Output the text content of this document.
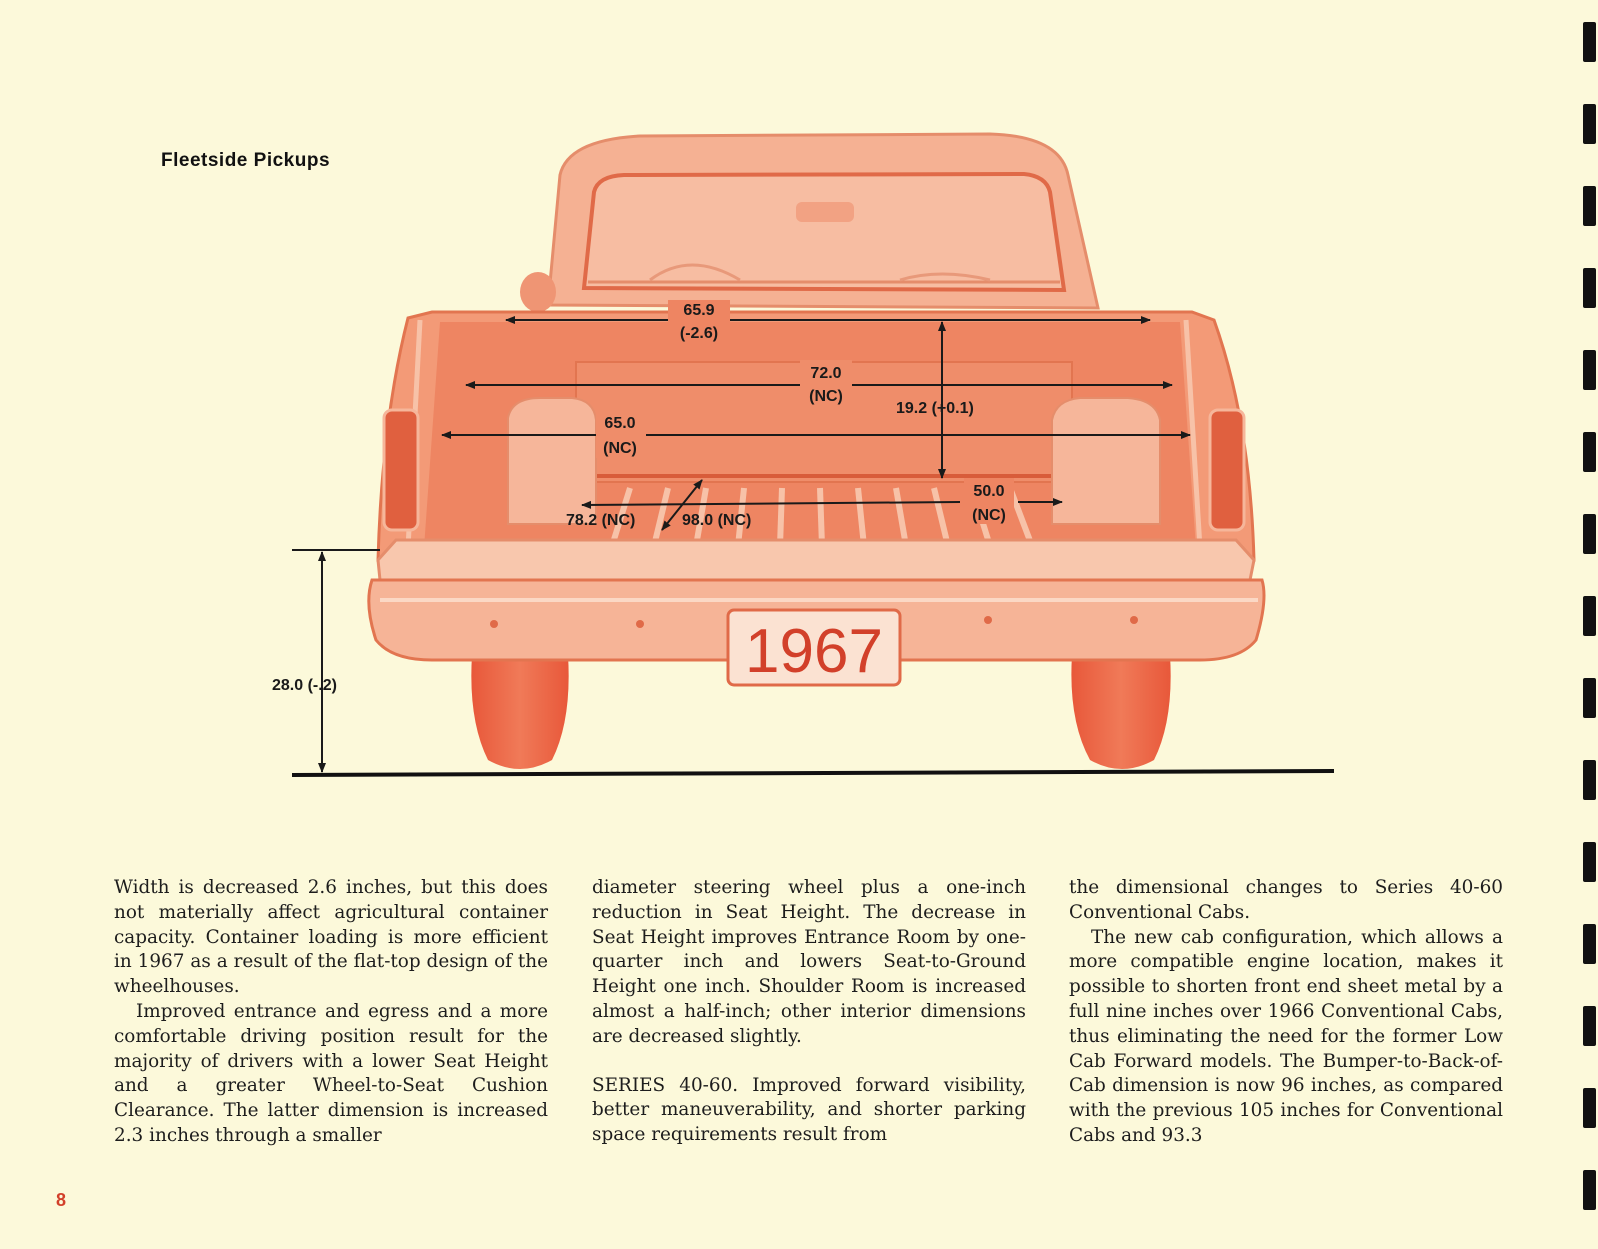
Fleetside Pickups
1967
65.9
(-2.6)
72.0
(NC)
19.2 (+0.1)
65.0
(NC)
78.2 (NC)	98.0 (NC)
50.0
(NC)
28.0 (-.2)

Width is decreased 2.6 inches, but this does not materially affect agricultural container capacity. Container loading is more efficient in 1967 as a result of the flat-top design of the wheelhouses.

Improved entrance and egress and a more comfortable driving position result for the majority of drivers with a lower Seat Height and a greater Wheel-to-Seat Cushion Clearance. The latter dimension is increased 2.3 inches through a smaller

diameter steering wheel plus a one-inch reduction in Seat Height. The decrease in Seat Height improves Entrance Room by one-quarter inch and lowers Seat-to-Ground Height one inch. Shoulder Room is increased almost a half-inch; other interior dimensions are decreased slightly.

SERIES 40-60. Improved forward visibility, better maneuverability, and shorter parking space requirements result from

the dimensional changes to Series 40-60 Conventional Cabs.

The new cab configuration, which allows a more compatible engine location, makes it possible to shorten front end sheet metal by a full nine inches over 1966 Conventional Cabs, thus eliminating the need for the former Low Cab Forward models. The Bumper-to-Back-of-Cab dimension is now 96 inches, as compared with the previous 105 inches for Conventional Cabs and 93.3

8
